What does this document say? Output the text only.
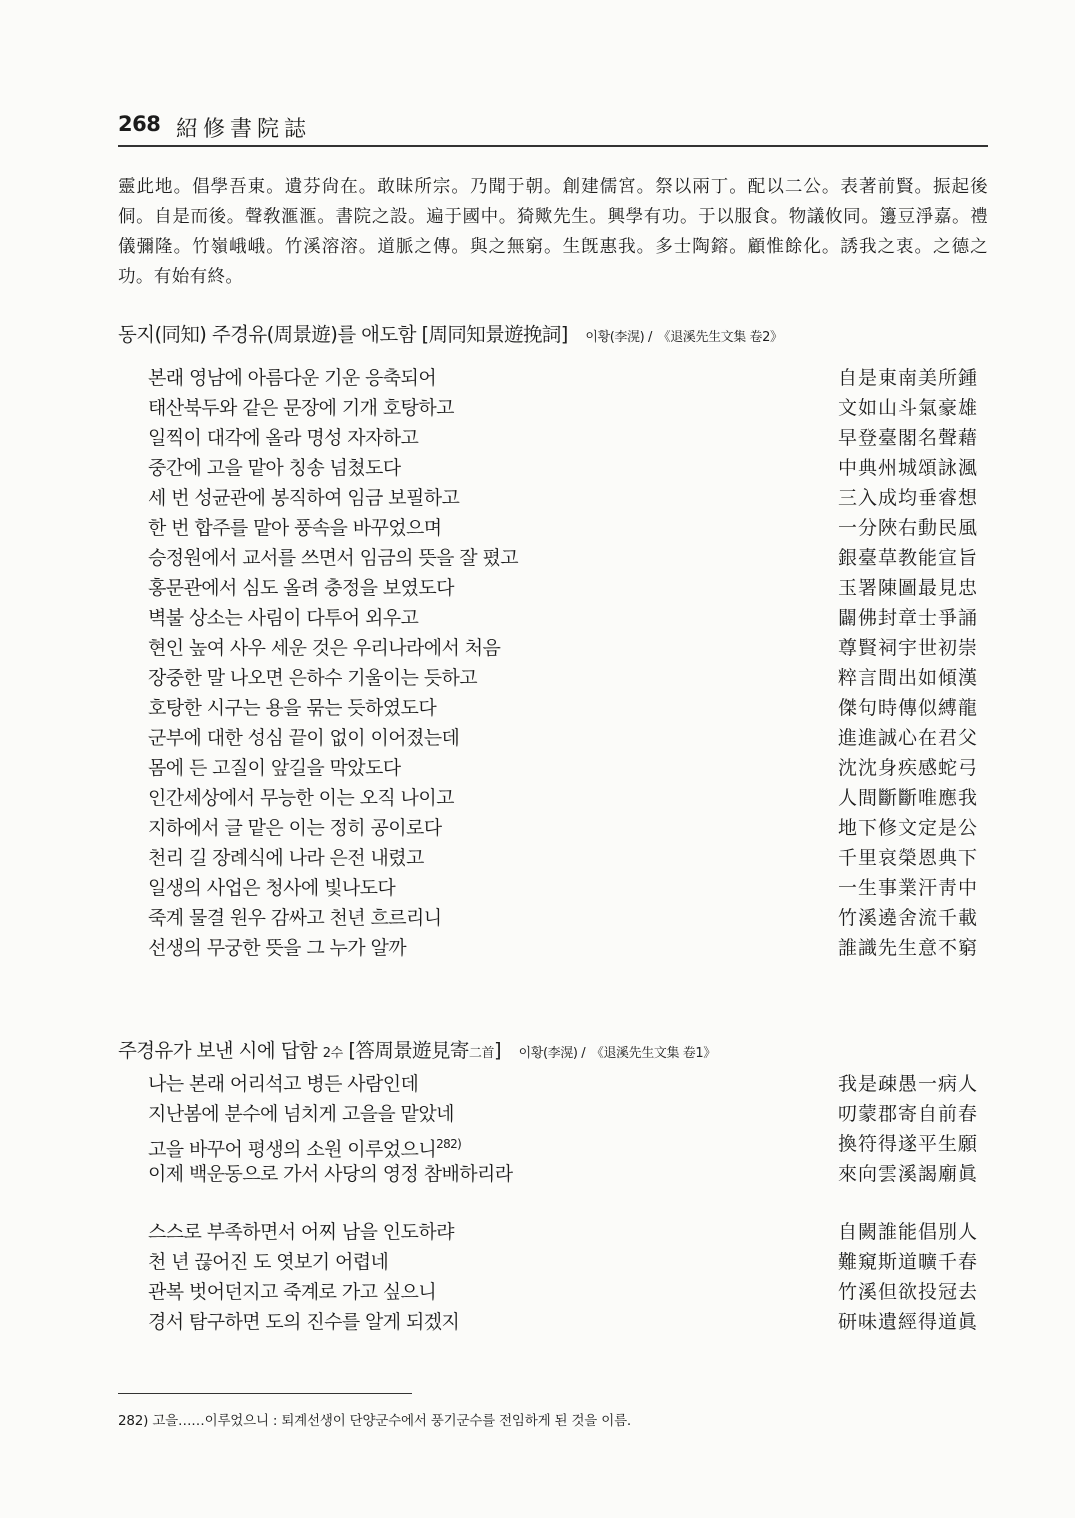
268 紹修書院誌
靈此地。倡學吾東。遺芬尙在。敢昧所宗。乃聞于朝。創建儒宮。祭以兩丁。配以二公。表著前賢。振起後侗。自是而後。聲敎滙滙。書院之設。遍于國中。猗歟先生。興學有功。于以服食。物議攸同。籩豆淨嘉。禮儀彌隆。竹嶺峨峨。竹溪溶溶。道脈之傳。與之無窮。生旣惠我。多士陶鎔。顧惟餘化。誘我之衷。之德之功。有始有終。
동지(同知) 주경유(周景遊)를 애도함 [周同知景遊挽詞] 이황(李滉) / 《退溪先生文集 卷2》
본래 영남에 아름다운 기운 응축되어	自是東南美所鍾
태산북두와 같은 문장에 기개 호탕하고	文如山斗氣豪雄
일찍이 대각에 올라 명성 자자하고	早登臺閣名聲藉
중간에 고을 맡아 칭송 넘쳤도다	中典州城頌詠渢
세 번 성균관에 봉직하여 임금 보필하고	三入成均垂睿想
한 번 합주를 맡아 풍속을 바꾸었으며	一分陜右動民風
승정원에서 교서를 쓰면서 임금의 뜻을 잘 폈고	銀臺草教能宣旨
홍문관에서 심도 올려 충정을 보였도다	玉署陳圖最見忠
벽불 상소는 사림이 다투어 외우고	闢佛封章士爭誦
현인 높여 사우 세운 것은 우리나라에서 처음	尊賢祠宇世初崇
장중한 말 나오면 은하수 기울이는 듯하고	粹言間出如傾漢
호탕한 시구는 용을 묶는 듯하였도다	傑句時傳似縛龍
군부에 대한 성심 끝이 없이 이어졌는데	進進誠心在君父
몸에 든 고질이 앞길을 막았도다	沈沈身疾感蛇弓
인간세상에서 무능한 이는 오직 나이고	人間斷斷唯應我
지하에서 글 맡은 이는 정히 공이로다	地下修文定是公
천리 길 장례식에 나라 은전 내렸고	千里哀榮恩典下
일생의 사업은 청사에 빛나도다	一生事業汗靑中
죽계 물결 원우 감싸고 천년 흐르리니	竹溪遶舍流千載
선생의 무궁한 뜻을 그 누가 알까	誰識先生意不窮
주경유가 보낸 시에 답함 2수 [答周景遊見寄二首] 이황(李滉) / 《退溪先生文集 卷1》
나는 본래 어리석고 병든 사람인데	我是疎愚一病人
지난봄에 분수에 넘치게 고을을 맡았네	叨蒙郡寄自前春
고을 바꾸어 평생의 소원 이루었으니$^{282)}$	換符得遂平生願
이제 백운동으로 가서 사당의 영정 참배하리라	來向雲溪謁廟眞
스스로 부족하면서 어찌 남을 인도하랴	自闕誰能倡別人
천 년 끊어진 도 엿보기 어렵네	難窺斯道曠千春
관복 벗어던지고 죽계로 가고 싶으니	竹溪但欲投冠去
경서 탐구하면 도의 진수를 알게 되겠지	研味遺經得道眞
282) 고을……이루었으니 : 퇴계선생이 단양군수에서 풍기군수를 전임하게 된 것을 이름.
